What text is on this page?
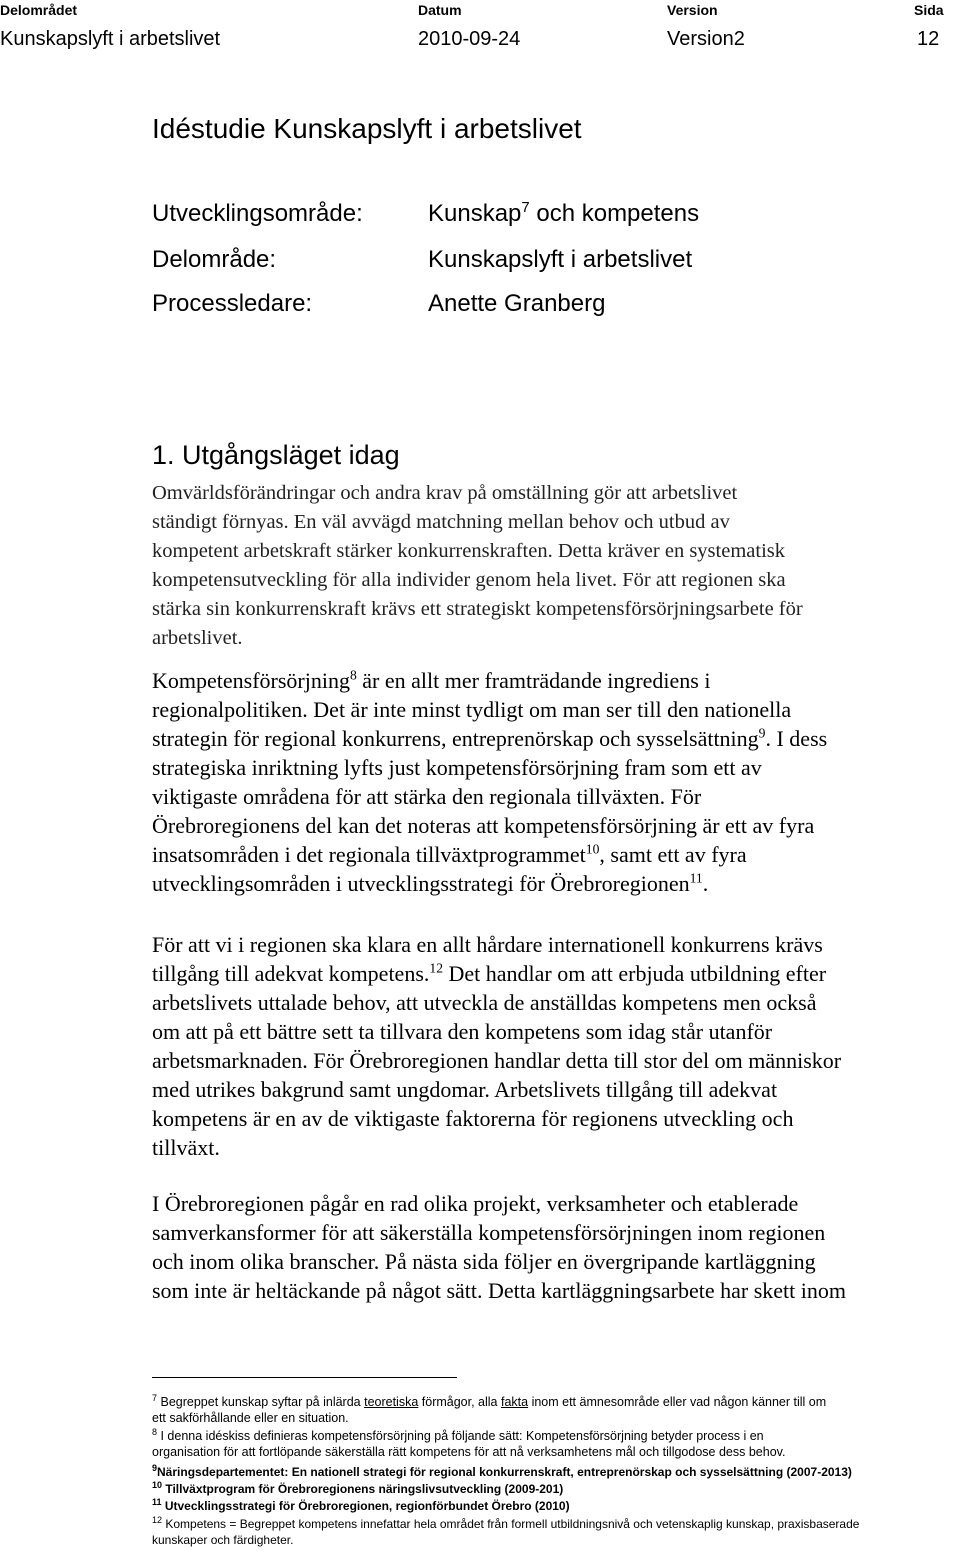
Delområdet	Datum	Version	Sida
Kunskapslyft i arbetslivet	2010-09-24	Version2	12
Idéstudie Kunskapslyft i arbetslivet
Utvecklingsområde:	Kunskap$^7$ och kompetens
Delområde:	Kunskapslyft i arbetslivet
Processledare:	Anette Granberg
1. Utgångsläget idag
Omvärldsförändringar och andra krav på omställning gör att arbetslivet
ständigt förnyas. En väl avvägd matchning mellan behov och utbud av
kompetent arbetskraft stärker konkurrenskraften. Detta kräver en systematisk
kompetensutveckling för alla individer genom hela livet. För att regionen ska
stärka sin konkurrenskraft krävs ett strategiskt kompetensförsörjningsarbete för
arbetslivet.
Kompetensförsörjning$^8$ är en allt mer framträdande ingrediens i
regionalpolitiken. Det är inte minst tydligt om man ser till den nationella
strategin för regional konkurrens, entreprenörskap och sysselsättning$^9$. I dess
strategiska inriktning lyfts just kompetensförsörjning fram som ett av
viktigaste områdena för att stärka den regionala tillväxten. För
Örebroregionens del kan det noteras att kompetensförsörjning är ett av fyra
insatsområden i det regionala tillväxtprogrammet$^{10}$, samt ett av fyra
utvecklingsområden i utvecklingsstrategi för Örebroregionen$^{11}$.
För att vi i regionen ska klara en allt hårdare internationell konkurrens krävs
tillgång till adekvat kompetens.$^{12}$ Det handlar om att erbjuda utbildning efter
arbetslivets uttalade behov, att utveckla de anställdas kompetens men också
om att på ett bättre sett ta tillvara den kompetens som idag står utanför
arbetsmarknaden. För Örebroregionen handlar detta till stor del om människor
med utrikes bakgrund samt ungdomar. Arbetslivets tillgång till adekvat
kompetens är en av de viktigaste faktorerna för regionens utveckling och
tillväxt.
I Örebroregionen pågår en rad olika projekt, verksamheter och etablerade
samverkansformer för att säkerställa kompetensförsörjningen inom regionen
och inom olika branscher. På nästa sida följer en övergripande kartläggning
som inte är heltäckande på något sätt. Detta kartläggningsarbete har skett inom
$^7$ Begreppet kunskap syftar på inlärda teoretiska förmågor, alla fakta inom ett ämnesområde eller vad någon känner till om
ett sakförhållande eller en situation.
$^8$ I denna idéskiss definieras kompetensförsörjning på följande sätt: Kompetensförsörjning betyder process i en
organisation för att fortlöpande säkerställa rätt kompetens för att nå verksamhetens mål och tillgodose dess behov.
$^9$Näringsdepartementet: En nationell strategi för regional konkurrenskraft, entreprenörskap och sysselsättning (2007-2013)
$^{10}$ Tillväxtprogram för Örebroregionens näringslivsutveckling (2009-201)
$^{11}$ Utvecklingsstrategi för Örebroregionen, regionförbundet Örebro (2010)
$^{12}$ Kompetens = Begreppet kompetens innefattar hela området från formell utbildningsnivå och vetenskaplig kunskap, praxisbaserade
kunskaper och färdigheter.
